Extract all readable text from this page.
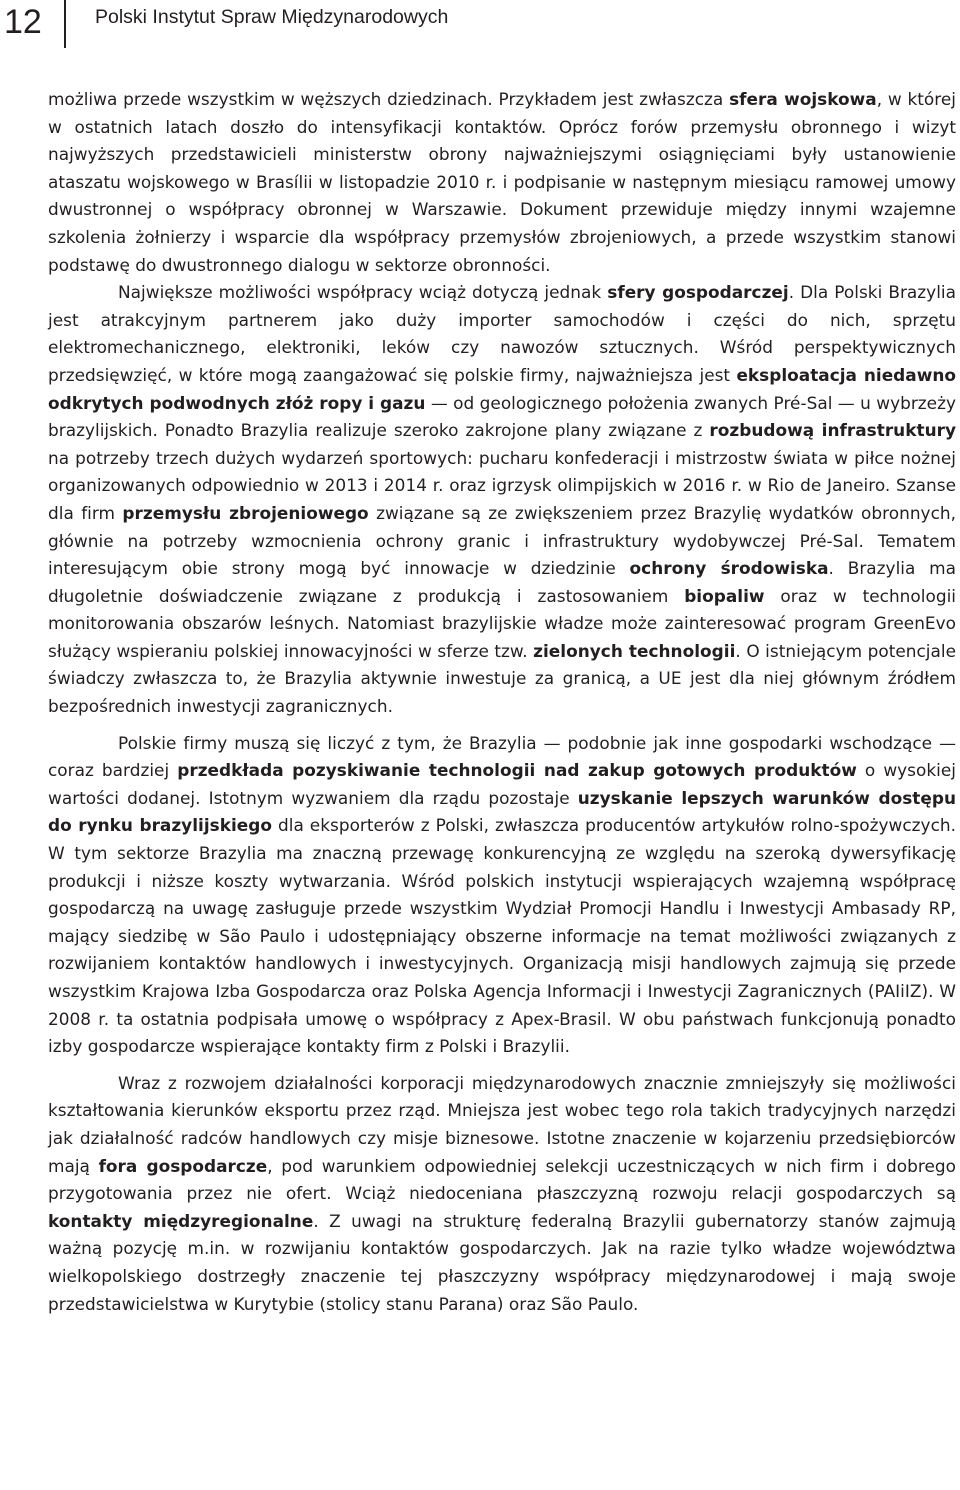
12	Polski Instytut Spraw Międzynarodowych

możliwa przede wszystkim w węższych dziedzinach. Przykładem jest zwłaszcza sfera wojskowa, w której w ostatnich latach doszło do intensyfikacji kontaktów. Oprócz forów przemysłu obronnego i wizyt najwyższych przedstawicieli ministerstw obrony najważniejszymi osiągnięciami były ustanowienie ataszatu wojskowego w Brasílii w listopadzie 2010 r. i podpisanie w następnym miesiącu ramowej umowy dwustronnej o współpracy obronnej w Warszawie. Dokument przewiduje między innymi wzajemne szkolenia żołnierzy i wsparcie dla współpracy przemysłów zbrojeniowych, a przede wszystkim stanowi podstawę do dwustronnego dialogu w sektorze obronności.

Największe możliwości współpracy wciąż dotyczą jednak sfery gospodarczej. Dla Polski Brazylia jest atrakcyjnym partnerem jako duży importer samochodów i części do nich, sprzętu elektromechanicznego, elektroniki, leków czy nawozów sztucznych. Wśród perspektywicznych przedsięwzięć, w które mogą zaangażować się polskie firmy, najważniejsza jest eksploatacja niedawno odkrytych podwodnych złóż ropy i gazu — od geologicznego położenia zwanych Pré-Sal — u wybrzeży brazylijskich. Ponadto Brazylia realizuje szeroko zakrojone plany związane z rozbudową infrastruktury na potrzeby trzech dużych wydarzeń sportowych: pucharu konfederacji i mistrzostw świata w piłce nożnej organizowanych odpowiednio w 2013 i 2014 r. oraz igrzysk olimpijskich w 2016 r. w Rio de Janeiro. Szanse dla firm przemysłu zbrojeniowego związane są ze zwiększeniem przez Brazylię wydatków obronnych, głównie na potrzeby wzmocnienia ochrony granic i infrastruktury wydobywczej Pré-Sal. Tematem interesującym obie strony mogą być innowacje w dziedzinie ochrony środowiska. Brazylia ma długoletnie doświadczenie związane z produkcją i zastosowaniem biopaliw oraz w technologii monitorowania obszarów leśnych. Natomiast brazylijskie władze może zainteresować program GreenEvo służący wspieraniu polskiej innowacyjności w sferze tzw. zielonych technologii. O istniejącym potencjale świadczy zwłaszcza to, że Brazylia aktywnie inwestuje za granicą, a UE jest dla niej głównym źródłem bezpośrednich inwestycji zagranicznych.

Polskie firmy muszą się liczyć z tym, że Brazylia — podobnie jak inne gospodarki wschodzące — coraz bardziej przedkłada pozyskiwanie technologii nad zakup gotowych produktów o wysokiej wartości dodanej. Istotnym wyzwaniem dla rządu pozostaje uzyskanie lepszych warunków dostępu do rynku brazylijskiego dla eksporterów z Polski, zwłaszcza producentów artykułów rolno-spożywczych. W tym sektorze Brazylia ma znaczną przewagę konkurencyjną ze względu na szeroką dywersyfikację produkcji i niższe koszty wytwarzania. Wśród polskich instytucji wspierających wzajemną współpracę gospodarczą na uwagę zasługuje przede wszystkim Wydział Promocji Handlu i Inwestycji Ambasady RP, mający siedzibę w São Paulo i udostępniający obszerne informacje na temat możliwości związanych z rozwijaniem kontaktów handlowych i inwestycyjnych. Organizacją misji handlowych zajmują się przede wszystkim Krajowa Izba Gospodarcza oraz Polska Agencja Informacji i Inwestycji Zagranicznych (PAIiIZ). W 2008 r. ta ostatnia podpisała umowę o współpracy z Apex-Brasil. W obu państwach funkcjonują ponadto izby gospodarcze wspierające kontakty firm z Polski i Brazylii.

Wraz z rozwojem działalności korporacji międzynarodowych znacznie zmniejszyły się możliwości kształtowania kierunków eksportu przez rząd. Mniejsza jest wobec tego rola takich tradycyjnych narzędzi jak działalność radców handlowych czy misje biznesowe. Istotne znaczenie w kojarzeniu przedsiębiorców mają fora gospodarcze, pod warunkiem odpowiedniej selekcji uczestniczących w nich firm i dobrego przygotowania przez nie ofert. Wciąż niedoceniana płaszczyzną rozwoju relacji gospodarczych są kontakty międzyregionalne. Z uwagi na strukturę federalną Brazylii gubernatorzy stanów zajmują ważną pozycję m.in. w rozwijaniu kontaktów gospodarczych. Jak na razie tylko władze województwa wielkopolskiego dostrzegły znaczenie tej płaszczyzny współpracy międzynarodowej i mają swoje przedstawicielstwa w Kurytybie (stolicy stanu Parana) oraz São Paulo.
